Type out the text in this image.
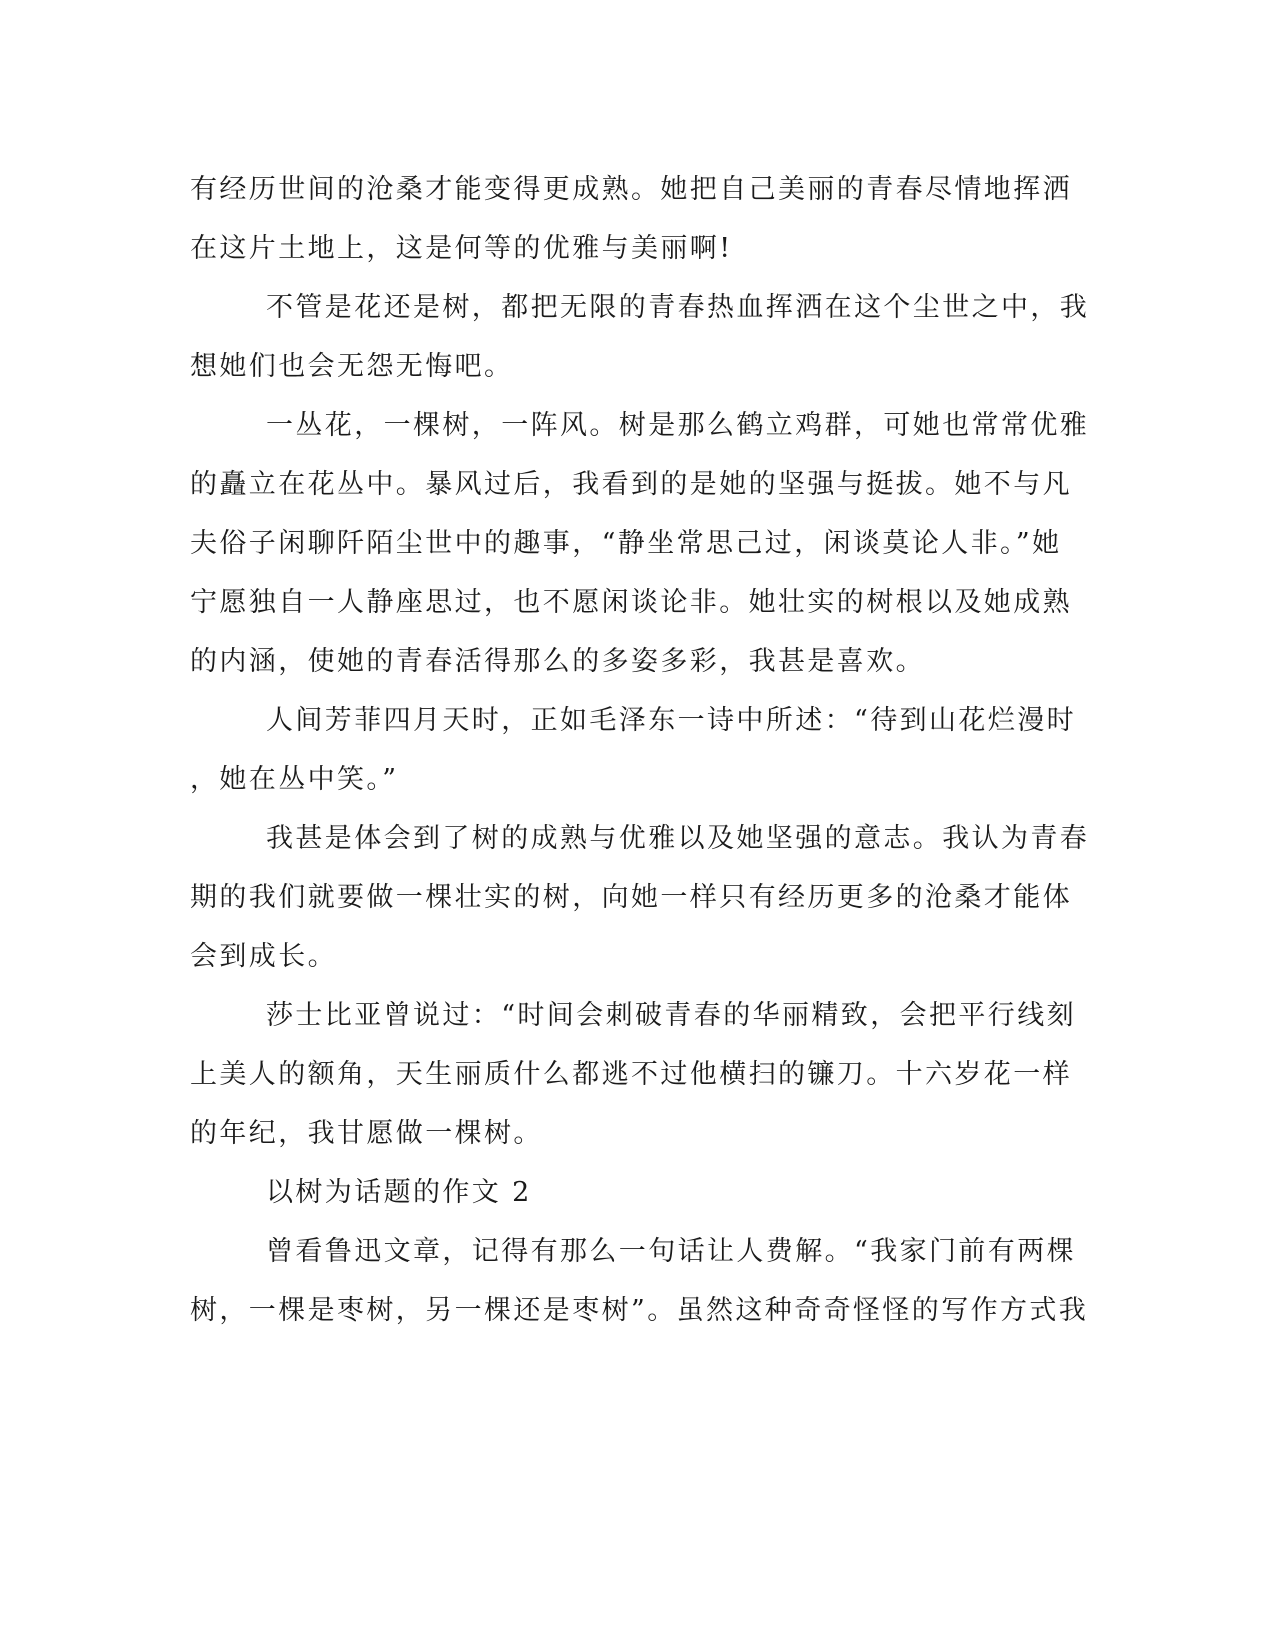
有经历世间的沧桑才能变得更成熟。她把自己美丽的青春尽情地挥洒
在这片土地上，这是何等的优雅与美丽啊!
不管是花还是树，都把无限的青春热血挥洒在这个尘世之中，我
想她们也会无怨无悔吧。
一丛花，一棵树，一阵风。树是那么鹤立鸡群，可她也常常优雅
的矗立在花丛中。暴风过后，我看到的是她的坚强与挺拔。她不与凡
夫俗子闲聊阡陌尘世中的趣事，“静坐常思己过，闲谈莫论人非。”她
宁愿独自一人静座思过，也不愿闲谈论非。她壮实的树根以及她成熟
的内涵，使她的青春活得那么的多姿多彩，我甚是喜欢。
人间芳菲四月天时，正如毛泽东一诗中所述：“待到山花烂漫时
，她在丛中笑。”
我甚是体会到了树的成熟与优雅以及她坚强的意志。我认为青春
期的我们就要做一棵壮实的树，向她一样只有经历更多的沧桑才能体
会到成长。
莎士比亚曾说过：“时间会刺破青春的华丽精致，会把平行线刻
上美人的额角，天生丽质什么都逃不过他横扫的镰刀。十六岁花一样
的年纪，我甘愿做一棵树。
以树为话题的作文 2
曾看鲁迅文章，记得有那么一句话让人费解。“我家门前有两棵
树，一棵是枣树，另一棵还是枣树”。虽然这种奇奇怪怪的写作方式我
